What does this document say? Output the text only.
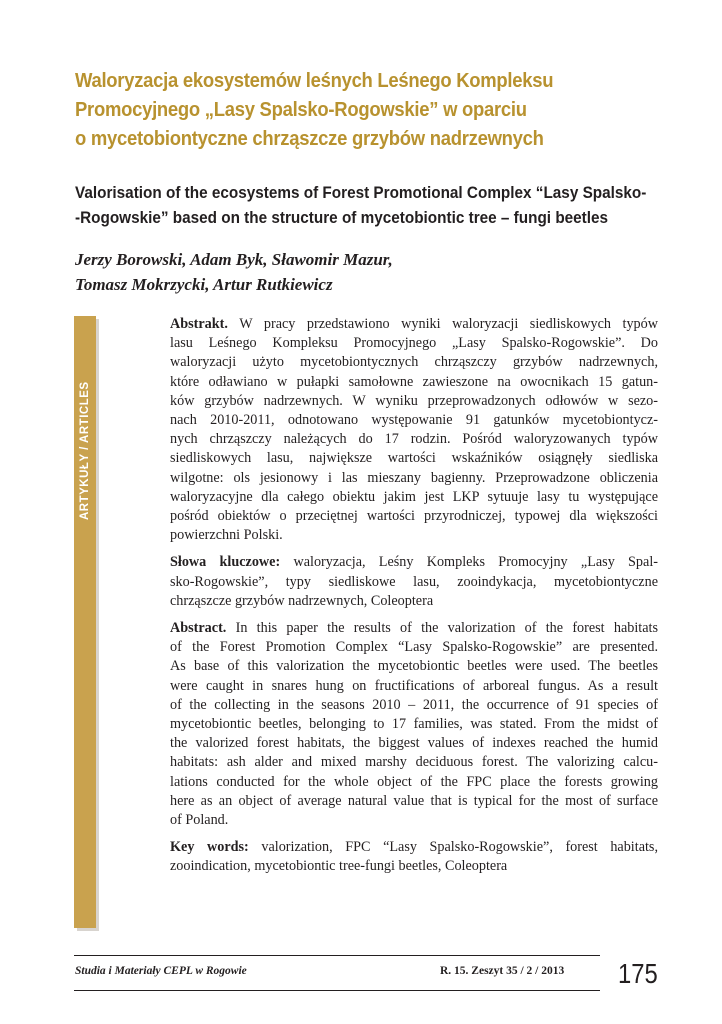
Waloryzacja ekosystemów leśnych Leśnego Kompleksu
Promocyjnego „Lasy Spalsko-Rogowskie” w oparciu
o mycetobiontyczne chrząszcze grzybów nadrzewnych
Valorisation of the ecosystems of Forest Promotional Complex “Lasy Spalsko-
-Rogowskie” based on the structure of mycetobiontic tree – fungi beetles
Jerzy Borowski, Adam Byk, Sławomir Mazur,
Tomasz Mokrzycki, Artur Rutkiewicz
ARTYKUŁY / ARTICLES

Abstrakt. W pracy przedstawiono wyniki waloryzacji siedliskowych typów
lasu Leśnego Kompleksu Promocyjnego „Lasy Spalsko-Rogowskie”. Do
waloryzacji użyto mycetobiontycznych chrząszczy grzybów nadrzewnych,
które odławiano w pułapki samołowne zawieszone na owocnikach 15 gatun-
ków grzybów nadrzewnych. W wyniku przeprowadzonych odłowów w sezo-
nach 2010-2011, odnotowano występowanie 91 gatunków mycetobiontycz-
nych chrząszczy należących do 17 rodzin. Pośród waloryzowanych typów
siedliskowych lasu, największe wartości wskaźników osiągnęły siedliska
wilgotne: ols jesionowy i las mieszany bagienny. Przeprowadzone obliczenia
waloryzacyjne dla całego obiektu jakim jest LKP sytuuje lasy tu występujące
pośród obiektów o przeciętnej wartości przyrodniczej, typowej dla większości
powierzchni Polski.

Słowa kluczowe: waloryzacja, Leśny Kompleks Promocyjny „Lasy Spal-
sko-Rogowskie”, typy siedliskowe lasu, zooindykacja, mycetobiontyczne
chrząszcze grzybów nadrzewnych, Coleoptera

Abstract. In this paper the results of the valorization of the forest habitats
of the Forest Promotion Complex “Lasy Spalsko-Rogowskie” are presented.
As base of this valorization the mycetobiontic beetles were used. The beetles
were caught in snares hung on fructifications of arboreal fungus. As a result
of the collecting in the seasons 2010 – 2011, the occurrence of 91 species of
mycetobiontic beetles, belonging to 17 families, was stated. From the midst of
the valorized forest habitats, the biggest values of indexes reached the humid
habitats: ash alder and mixed marshy deciduous forest. The valorizing calcu-
lations conducted for the whole object of the FPC place the forests growing
here as an object of average natural value that is typical for the most of surface
of Poland.

Key words: valorization, FPC “Lasy Spalsko-Rogowskie”, forest habitats,
zooindication, mycetobiontic tree-fungi beetles, Coleoptera

Studia i Materiały CEPL w Rogowie	R. 15. Zeszyt 35 / 2 / 2013 175
